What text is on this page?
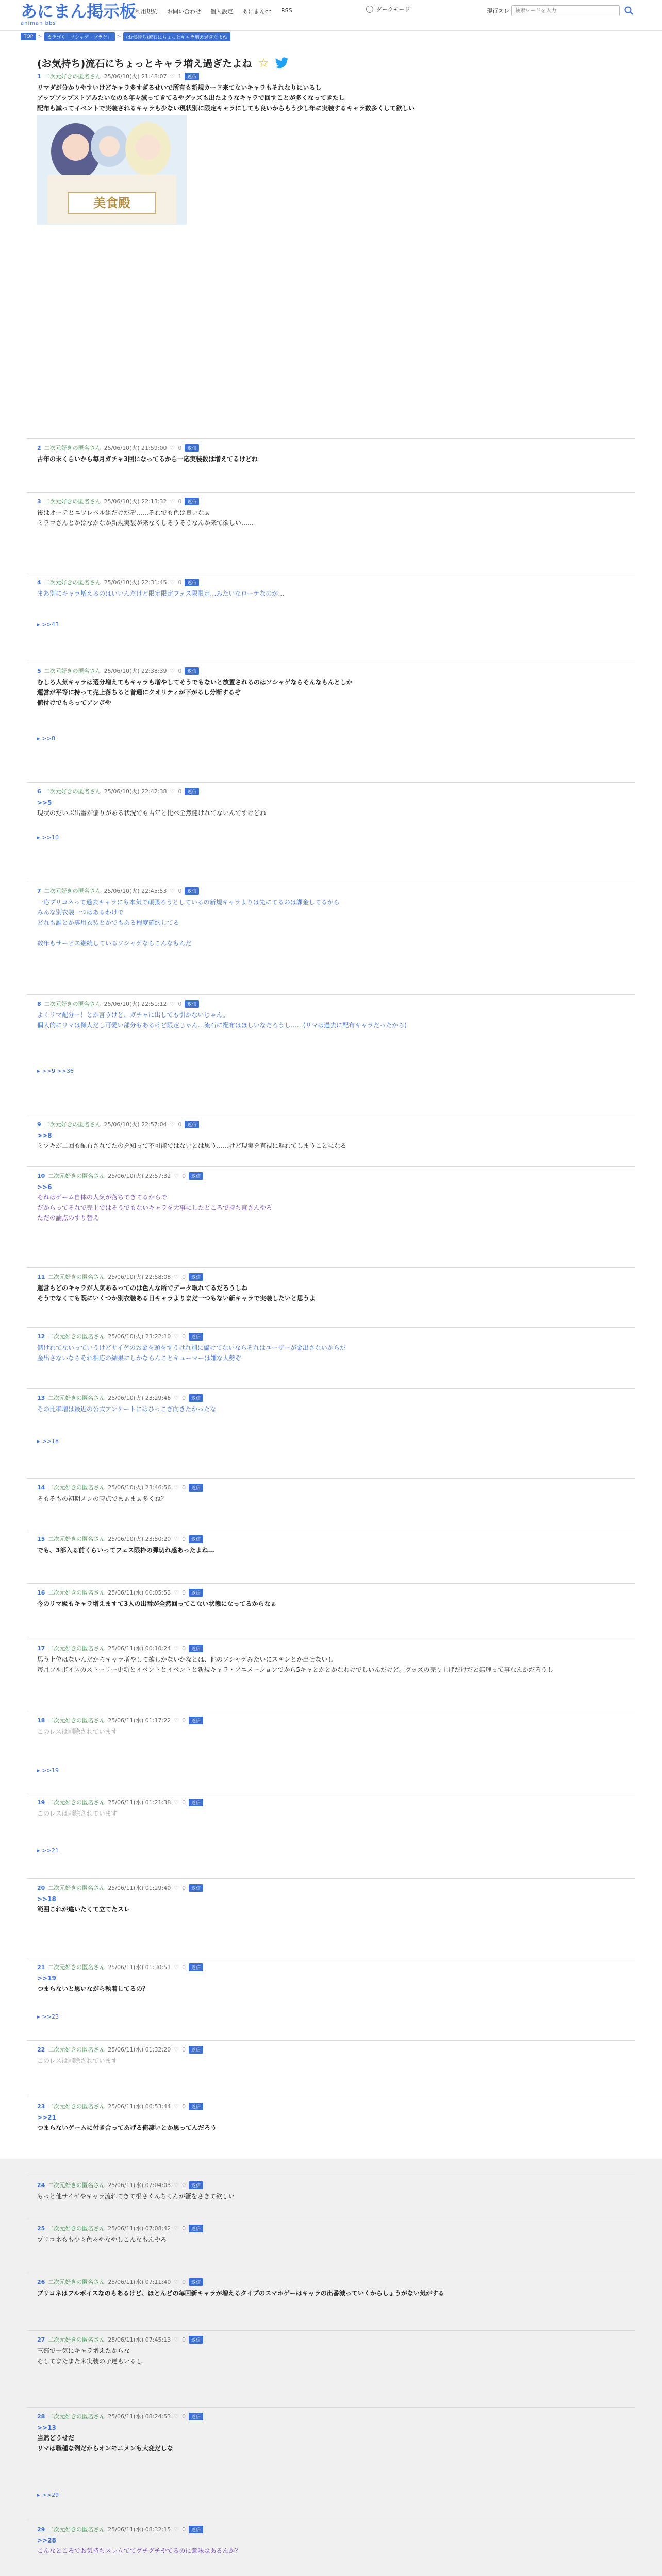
あにまん掲示板
animan bbs
利用規約 お問い合わせ 個人設定 あにまんch RSS	ダークモード	現行スレ
検索ワードを入力
TOP	>	カテゴリ「ソシャゲ・ブラゲ」	>	(お気持ち)流石にちょっとキャラ増え過ぎたよね
(お気持ち)流石にちょっとキャラ増え過ぎたよね ☆
1 二次元好きの匿名さん 25/06/10(火) 21:48:07 ♡ 1	返信
リマダが分かりやすいけどキャラ多すぎるせいで所有も新規カード来てないキャラもそれなりにいるし
アップアップストアみたいなのも年々減ってきてるやグッズも出たようなキャラで回すことが多くなってきたし
配布も減ってイベントで実装されるキャラも少ない現状別に限定キャラにしても良いからもう少し年に実装するキャラ数多くして欲しい
2 二次元好きの匿名さん 25/06/10(火) 21:59:00 ♡ 0	返信
古年の末くらいから毎月ガチャ3回になってるから一応実装数は増えてるけどね
3 二次元好きの匿名さん 25/06/10(火) 22:13:32 ♡ 0	返信
後はオーテとニワレベル組だけだぞ……それでも色は良いなぁ
ミラコさんとかはなかなか新規実装が来なくしそうそうなんか来て欲しい……
4 二次元好きの匿名さん 25/06/10(火) 22:31:45 ♡ 0	返信
まあ別にキャラ増えるのはいいんだけど限定限定フェス限限定…みたいなローテなのが…
▸ >>43
5 二次元好きの匿名さん 25/06/10(火) 22:38:39 ♡ 0	返信
むしろ人気キャラは選分増えてもキャラも増やしてそうでもないと放置されるのはソシャゲならそんなもんとしか
運営が平等に持って売上落ちると普通にクオリティが下がるし分断するぞ
値付けでもらってアンポや
▸ >>8
6 二次元好きの匿名さん 25/06/10(火) 22:42:38 ♡ 0	返信
>>5
現状のだいぶ出番が偏りがある状況でも古年と比べ全然健けれてないんですけどね
▸ >>10
7 二次元好きの匿名さん 25/06/10(火) 22:45:53 ♡ 0	返信
一応プリコネって過去キャラにも本気で頑張ろうとしているの新規キャラよりは先にてるのは課金してるから
みんな別衣装一つはあるわけで
どれも誰とか専用衣装とかでもある程度確約してる
数年もサービス継続しているソシャゲならこんなもんだ
8 二次元好きの匿名さん 25/06/10(火) 22:51:12 ♡ 0	返信
よくリマ配分ー！とか言うけど、ガチャに出しても引かないじゃん。
個人的にリマは傑人だし可愛い部分もあるけど限定じゃん…流石に配布はほしいなだろうし……(リマは過去に配布キャラだったから)
▸ >>9 >>36
9 二次元好きの匿名さん 25/06/10(火) 22:57:04 ♡ 0	返信
>>8
ミツキが二回も配布されてたのを知って不可能ではないとは思う……けど現実を直視に遅れてしまうことになる
10 二次元好きの匿名さん 25/06/10(火) 22:57:32 ♡ 0	返信
>>6
それはゲーム自体の人気が落ちてきてるからで
だからってそれで売上ではそうでもないキャラを大事にしたところで持ち直さんやろ
ただの論点のすり替え
11 二次元好きの匿名さん 25/06/10(火) 22:58:08 ♡ 0	返信
運営もどのキャラが人気あるってのは色んな所でデータ取れてるだろうしね
そうでなくても既にいくつか別衣装ある日キャラよりまだ一つもない新キャラで実装したいと思うよ
12 二次元好きの匿名さん 25/06/10(火) 23:22:10 ♡ 0	返信
儲けれてないっていうけどサイゲのお金を頭をすうけれ別に儲けてないならそれはユーザーが金出さないからだ
金出さないならそれ相応の結果にしかならんことキューマーは嫌な大勢ぞ
13 二次元好きの匿名さん 25/06/10(火) 23:29:46 ♡ 0	返信
その比率増は最近の公式アンケートにはひっこぎ向きたかったな
▸ >>18
14 二次元好きの匿名さん 25/06/10(火) 23:46:56 ♡ 0	返信
そもそもの初期メンの時点でまぁまぁ多くね？
15 二次元好きの匿名さん 25/06/10(火) 23:50:20 ♡ 0	返信
でも、3部入る前くらいってフェス限枠の弾切れ感あったよね…
16 二次元好きの匿名さん 25/06/11(水) 00:05:53 ♡ 0	返信
今のリマ級もキャラ増えますて3人の出番が全然回ってこない状態になってるからなぁ
17 二次元好きの匿名さん 25/06/11(水) 00:10:24 ♡ 0	返信
思う上位はないんだからキャラ増やして欲しかないかなとは、他のソシャゲみたいにスキンとか出せないし
毎月フルボイスのストーリー更新とイベントとイベントと新規キャラ・アニメーションでから5キャとかとかなわけでしいんだけど。グッズの売り上げだけだと無理って事なんかだろうし
18 二次元好きの匿名さん 25/06/11(水) 01:17:22 ♡ 0	返信
このレスは削除されています
▸ >>19
19 二次元好きの匿名さん 25/06/11(水) 01:21:38 ♡ 0	返信
このレスは削除されています
▸ >>21
20 二次元好きの匿名さん 25/06/11(水) 01:29:40 ♡ 0	返信
>>18
範囲これが違いたくて立てたスレ
21 二次元好きの匿名さん 25/06/11(水) 01:30:51 ♡ 0	返信
>>19
つまらないと思いながら執着してるの？
▸ >>23
22 二次元好きの匿名さん 25/06/11(水) 01:32:20 ♡ 0	返信
このレスは削除されています
23 二次元好きの匿名さん 25/06/11(水) 06:53:44 ♡ 0	返信
>>21
つまらないゲームに付き合ってあげる俺凄いとか思ってんだろう
24 二次元好きの匿名さん 25/06/11(水) 07:04:03 ♡ 0	返信
もっと他サイゲやキャラ流れてきて根さくんちくんが蟹をさきて欲しい
25 二次元好きの匿名さん 25/06/11(水) 07:08:42 ♡ 0	返信
プリコネもも少々色々やなやしこんなもんやろ
26 二次元好きの匿名さん 25/06/11(水) 07:11:40 ♡ 0	返信
プリコネはフルボイスなのもあるけど、ほとんどの毎回新キャラが増えるタイプのスマホゲーはキャラの出番減っていくからしょうがない気がする
27 二次元好きの匿名さん 25/06/11(水) 07:45:13 ♡ 0	返信
三部で一気にキャラ増えたからな
そしてまたまた来実装の子達もいるし
28 二次元好きの匿名さん 25/06/11(水) 08:24:53 ♡ 0	返信
>>13
当然どうせだ
リマは職種な例だからオンモニメンも大変だしな
▸ >>29
29 二次元好きの匿名さん 25/06/11(水) 08:32:15 ♡ 0	返信
>>28
こんなところでお気持ちスレ立ててグチグチやてるのに意味はあるんか？
美食殿
